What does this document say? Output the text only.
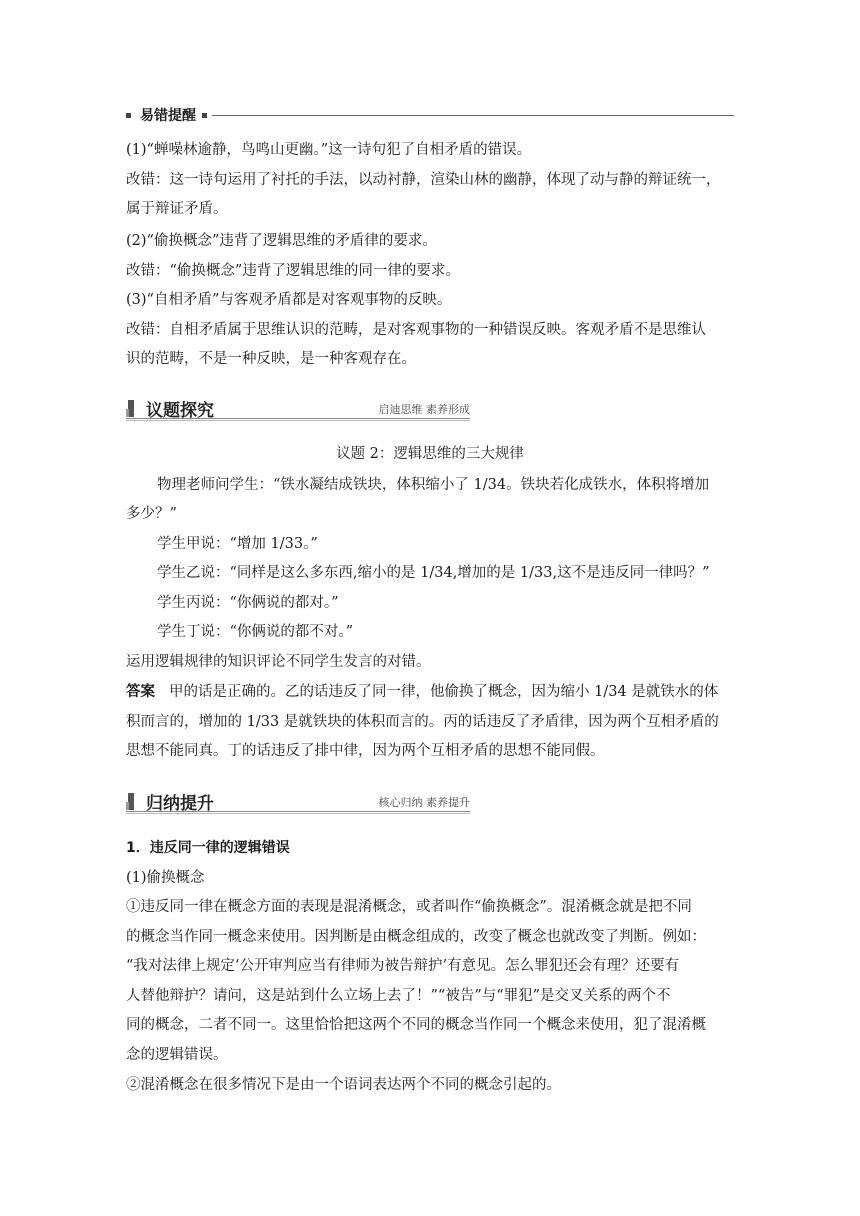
易错提醒
(1)“蝉噪林逾静，鸟鸣山更幽。”这一诗句犯了自相矛盾的错误。
改错：这一诗句运用了衬托的手法，以动衬静，渲染山林的幽静，体现了动与静的辩证统一，
属于辩证矛盾。
(2)“偷换概念”违背了逻辑思维的矛盾律的要求。
改错：“偷换概念”违背了逻辑思维的同一律的要求。
(3)“自相矛盾”与客观矛盾都是对客观事物的反映。
改错：自相矛盾属于思维认识的范畴，是对客观事物的一种错误反映。客观矛盾不是思维认
识的范畴，不是一种反映，是一种客观存在。
议题探究	启迪思维 素养形成
议题 2：逻辑思维的三大规律
物理老师问学生：“铁水凝结成铁块，体积缩小了 1/34。铁块若化成铁水，体积将增加
多少？”
学生甲说：“增加 1/33。”
学生乙说：“同样是这么多东西,缩小的是 1/34,增加的是 1/33,这不是违反同一律吗？”
学生丙说：“你俩说的都对。”
学生丁说：“你俩说的都不对。”
运用逻辑规律的知识评论不同学生发言的对错。
答案 甲的话是正确的。乙的话违反了同一律，他偷换了概念，因为缩小 1/34 是就铁水的体
积而言的，增加的 1/33 是就铁块的体积而言的。丙的话违反了矛盾律，因为两个互相矛盾的
思想不能同真。丁的话违反了排中律，因为两个互相矛盾的思想不能同假。
归纳提升	核心归纳 素养提升
1．违反同一律的逻辑错误
(1)偷换概念
①违反同一律在概念方面的表现是混淆概念，或者叫作“偷换概念”。混淆概念就是把不同
的概念当作同一概念来使用。因判断是由概念组成的，改变了概念也就改变了判断。例如：
“我对法律上规定‘公开审判应当有律师为被告辩护’有意见。怎么罪犯还会有理？还要有
人替他辩护？请问，这是站到什么立场上去了！”“被告”与“罪犯”是交叉关系的两个不
同的概念，二者不同一。这里恰恰把这两个不同的概念当作同一个概念来使用，犯了混淆概
念的逻辑错误。
②混淆概念在很多情况下是由一个语词表达两个不同的概念引起的。
